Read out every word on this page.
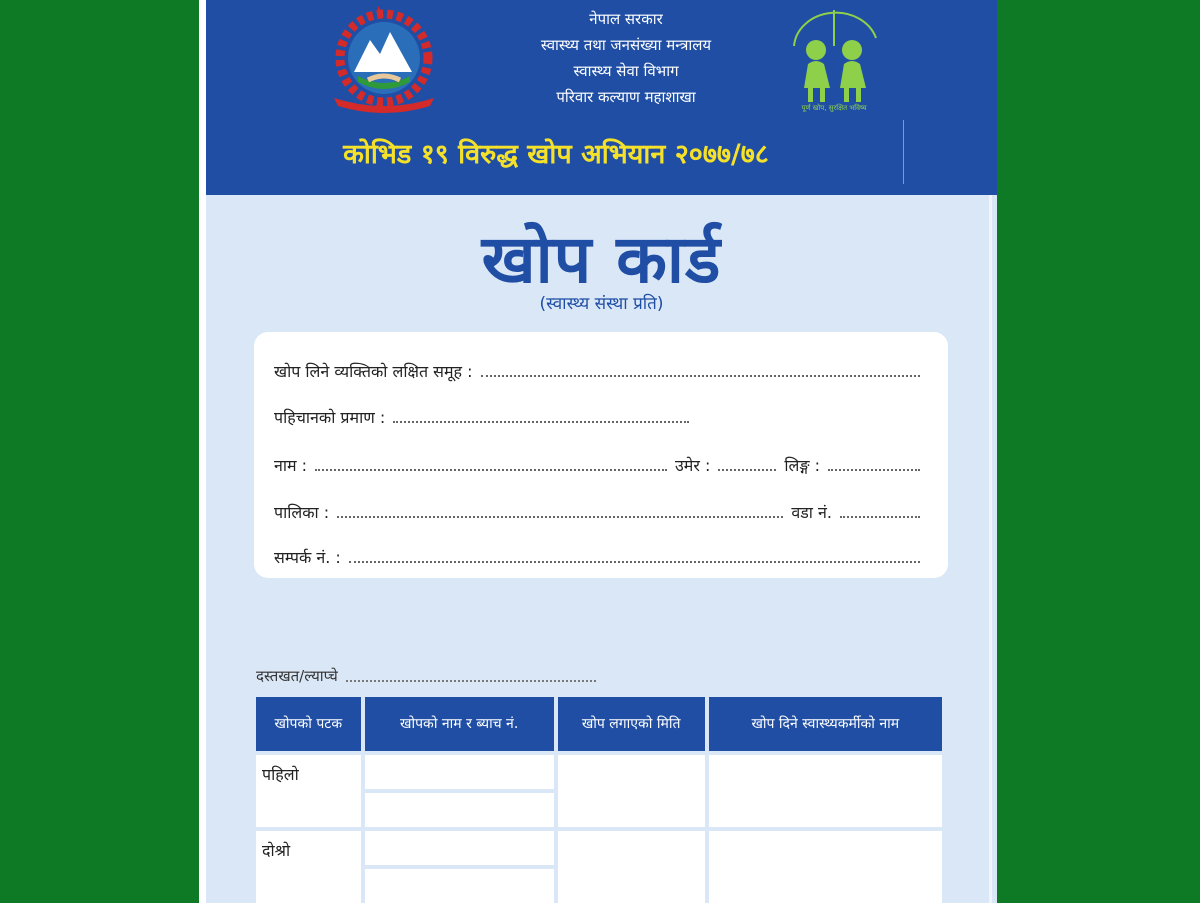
नेपाल सरकार
स्वास्थ्य तथा जनसंख्या मन्त्रालय
स्वास्थ्य सेवा विभाग
परिवार कल्याण महाशाखा
पूर्ण खोप, सुरक्षित भविष्य
कोभिड १९ विरुद्ध खोप अभियान २०७७/७८
खोप कार्ड
(स्वास्थ्य संस्था प्रति)
खोप लिने व्यक्तिको लक्षित समूह :
पहिचानको प्रमाण :
नाम :	उमेर :	लिङ्ग :
पालिका :	वडा नं.
सम्पर्क नं. :
दस्तखत/ल्याप्चे
खोपको पटक	खोपको नाम र ब्याच नं.	खोप लगाएको मिति	खोप दिने स्वास्थ्यकर्मीको नाम
पहिलो			

दोश्रो			
